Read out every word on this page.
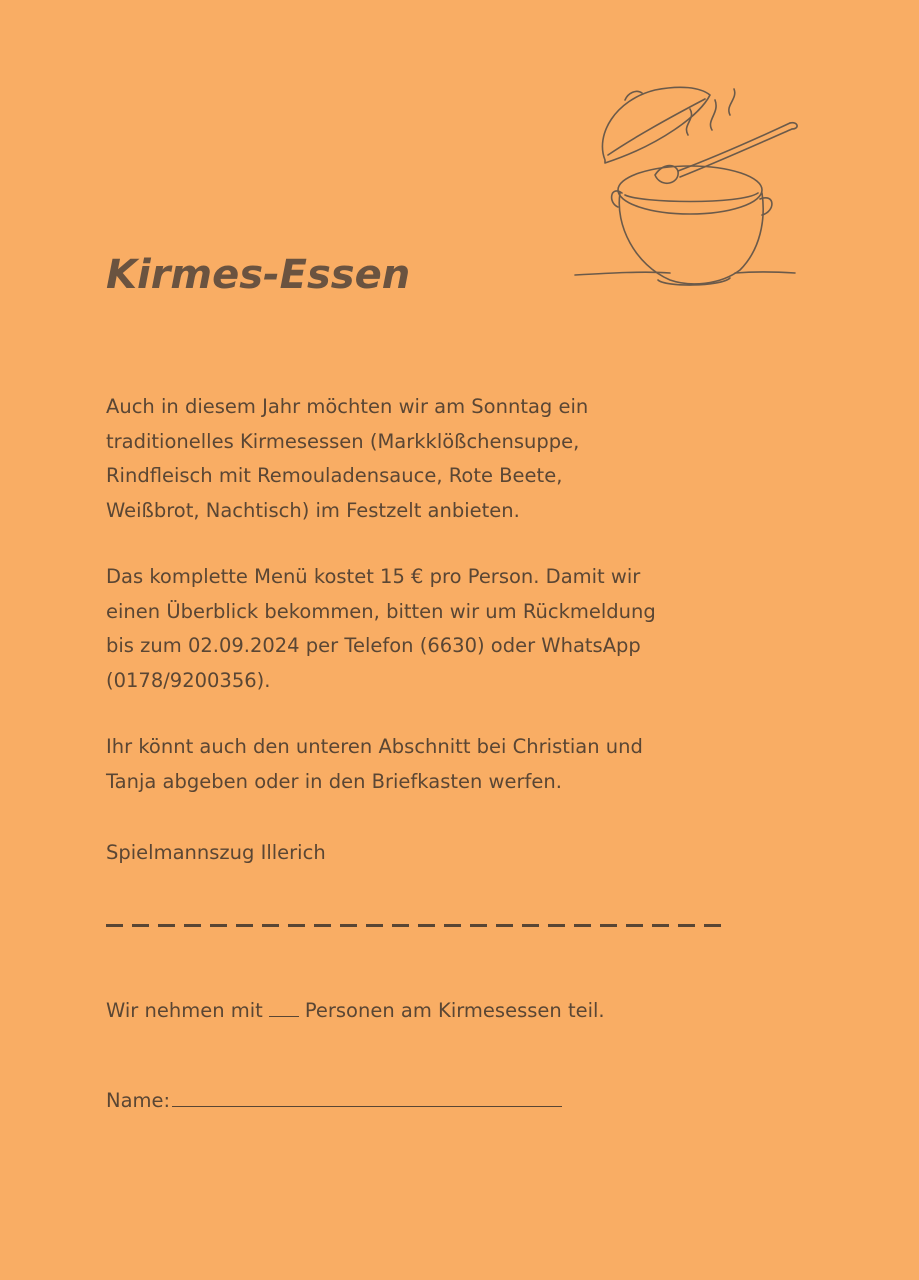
Kirmes-Essen

Auch in diesem Jahr möchten wir am Sonntag ein
traditionelles Kirmesessen (Markklößchensuppe,
Rindfleisch mit Remouladensauce, Rote Beete,
Weißbrot, Nachtisch) im Festzelt anbieten.

Das komplette Menü kostet 15 € pro Person. Damit wir
einen Überblick bekommen, bitten wir um Rückmeldung
bis zum 02.09.2024 per Telefon (6630) oder WhatsApp
(0178/9200356).

Ihr könnt auch den unteren Abschnitt bei Christian und
Tanja abgeben oder in den Briefkasten werfen.

Spielmannszug Illerich

Wir nehmen mit Personen am Kirmesessen teil.

Name:
